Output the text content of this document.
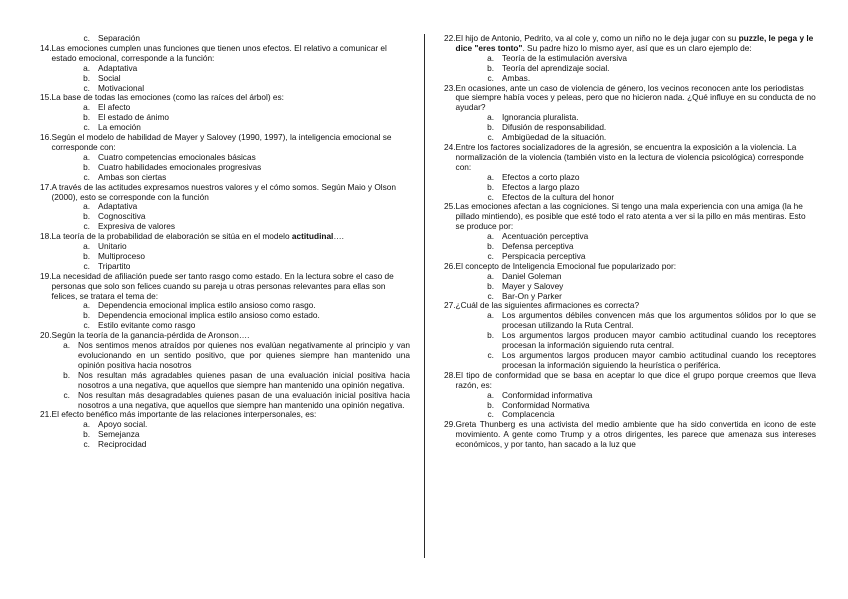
c. Separación
14. Las emociones cumplen unas funciones que tienen unos efectos. El relativo a comunicar el estado emocional, corresponde a la función:
a. Adaptativa
b. Social
c. Motivacional
15. La base de todas las emociones (como las raíces del árbol) es:
a. El afecto
b. El estado de ánimo
c. La emoción
16. Según el modelo de habilidad de Mayer y Salovey (1990, 1997), la inteligencia emocional se corresponde con:
a. Cuatro competencias emocionales básicas
b. Cuatro habilidades emocionales progresivas
c. Ambas son ciertas
17. A través de las actitudes expresamos nuestros valores y el cómo somos. Según Maio y Olson (2000), esto se corresponde con la función
a. Adaptativa
b. Cognoscitiva
c. Expresiva de valores
18. La teoría de la probabilidad de elaboración se sitúa en el modelo actitudinal….
a. Unitario
b. Multiproceso
c. Tripartito
19. La necesidad de afiliación puede ser tanto rasgo como estado. En la lectura sobre el caso de personas que solo son felices cuando su pareja u otras personas relevantes para ellas son felices, se tratara el tema de:
a. Dependencia emocional implica estilo ansioso como rasgo.
b. Dependencia emocional implica estilo ansioso como estado.
c. Estilo evitante como rasgo
20. Según la teoría de la ganancia-pérdida de Aronson….
a. Nos sentimos menos atraídos por quienes nos evalúan negativamente al principio y van evolucionando en un sentido positivo, que por quienes siempre han mantenido una opinión positiva hacia nosotros
b. Nos resultan más agradables quienes pasan de una evaluación inicial positiva hacia nosotros a una negativa, que aquellos que siempre han mantenido una opinión negativa.
c. Nos resultan más desagradables quienes pasan de una evaluación inicial positiva hacia nosotros a una negativa, que aquellos que siempre han mantenido una opinión negativa.
21. El efecto benéfico más importante de las relaciones interpersonales, es:
a. Apoyo social.
b. Semejanza
c. Reciprocidad
22. El hijo de Antonio, Pedrito, va al cole y, como un niño no le deja jugar con su puzzle, le pega y le dice "eres tonto". Su padre hizo lo mismo ayer, así que es un claro ejemplo de:
a. Teoría de la estimulación aversiva
b. Teoría del aprendizaje social.
c. Ambas.
23. En ocasiones, ante un caso de violencia de género, los vecinos reconocen ante los periodistas que siempre había voces y peleas, pero que no hicieron nada. ¿Qué influye en su conducta de no ayudar?
a. Ignorancia pluralista.
b. Difusión de responsabilidad.
c. Ambigüedad de la situación.
24. Entre los factores socializadores de la agresión, se encuentra la exposición a la violencia. La normalización de la violencia (también visto en la lectura de violencia psicológica) corresponde con:
a. Efectos a corto plazo
b. Efectos a largo plazo
c. Efectos de la cultura del honor
25. Las emociones afectan a las cogniciones. Si tengo una mala experiencia con una amiga (la he pillado mintiendo), es posible que esté todo el rato atenta a ver si la pillo en más mentiras. Esto se produce por:
a. Acentuación perceptiva
b. Defensa perceptiva
c. Perspicacia perceptiva
26. El concepto de Inteligencia Emocional fue popularizado por:
a. Daniel Goleman
b. Mayer y Salovey
c. Bar-On y Parker
27. ¿Cuál de las siguientes afirmaciones es correcta?
a. Los argumentos débiles convencen más que los argumentos sólidos por lo que se procesan utilizando la Ruta Central.
b. Los argumentos largos producen mayor cambio actitudinal cuando los receptores procesan la información siguiendo ruta central.
c. Los argumentos largos producen mayor cambio actitudinal cuando los receptores procesan la información siguiendo la heurística o periférica.
28. El tipo de conformidad que se basa en aceptar lo que dice el grupo porque creemos que lleva razón, es:
a. Conformidad informativa
b. Conformidad Normativa
c. Complacencia
29. Greta Thunberg es una activista del medio ambiente que ha sido convertida en icono de este movimiento. A gente como Trump y a otros dirigentes, les parece que amenaza sus intereses económicos, y por tanto, han sacado a la luz que
